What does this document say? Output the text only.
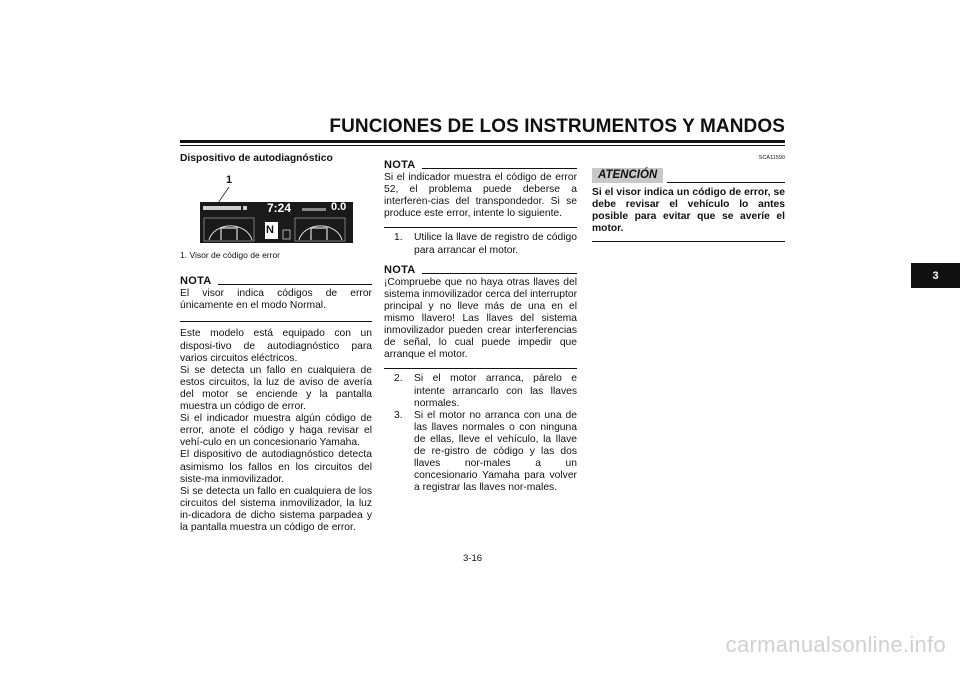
FUNCIONES DE LOS INSTRUMENTOS Y MANDOS
3

Dispositivo de autodiagnóstico

1
7:24	0.0
N
E	F	C	H

1. Visor de código de error

NOTA

El visor indica códigos de error únicamente en el modo Normal.

Este modelo está equipado con un disposi-tivo de autodiagnóstico para varios circuitos eléctricos.

Si se detecta un fallo en cualquiera de estos circuitos, la luz de aviso de avería del motor se enciende y la pantalla muestra un código de error.

Si el indicador muestra algún código de error, anote el código y haga revisar el vehí-culo en un concesionario Yamaha.

El dispositivo de autodiagnóstico detecta asimismo los fallos en los circuitos del siste-ma inmovilizador.

Si se detecta un fallo en cualquiera de los circuitos del sistema inmovilizador, la luz in-dicadora de dicho sistema parpadea y la pantalla muestra un código de error.

NOTA

Si el indicador muestra el código de error 52, el problema puede deberse a interferen-cias del transpondedor. Si se produce este error, intente lo siguiente.

1.	Utilice la llave de registro de código para arrancar el motor.
NOTA

¡Compruebe que no haya otras llaves del sistema inmovilizador cerca del interruptor principal y no lleve más de una en el mismo llavero! Las llaves del sistema inmovilizador pueden crear interferencias de señal, lo cual puede impedir que arranque el motor.

2.	Si el motor arranca, párelo e intente arrancarlo con las llaves normales.
3.	Si el motor no arranca con una de las llaves normales o con ninguna de ellas, lleve el vehículo, la llave de re-gistro de código y las dos llaves nor-males a un concesionario Yamaha para volver a registrar las llaves nor-males.
SCA11590
ATENCIÓN

Si el visor indica un código de error, se debe revisar el vehículo lo antes posible para evitar que se averíe el motor.

3-16
carmanualsonline.info
